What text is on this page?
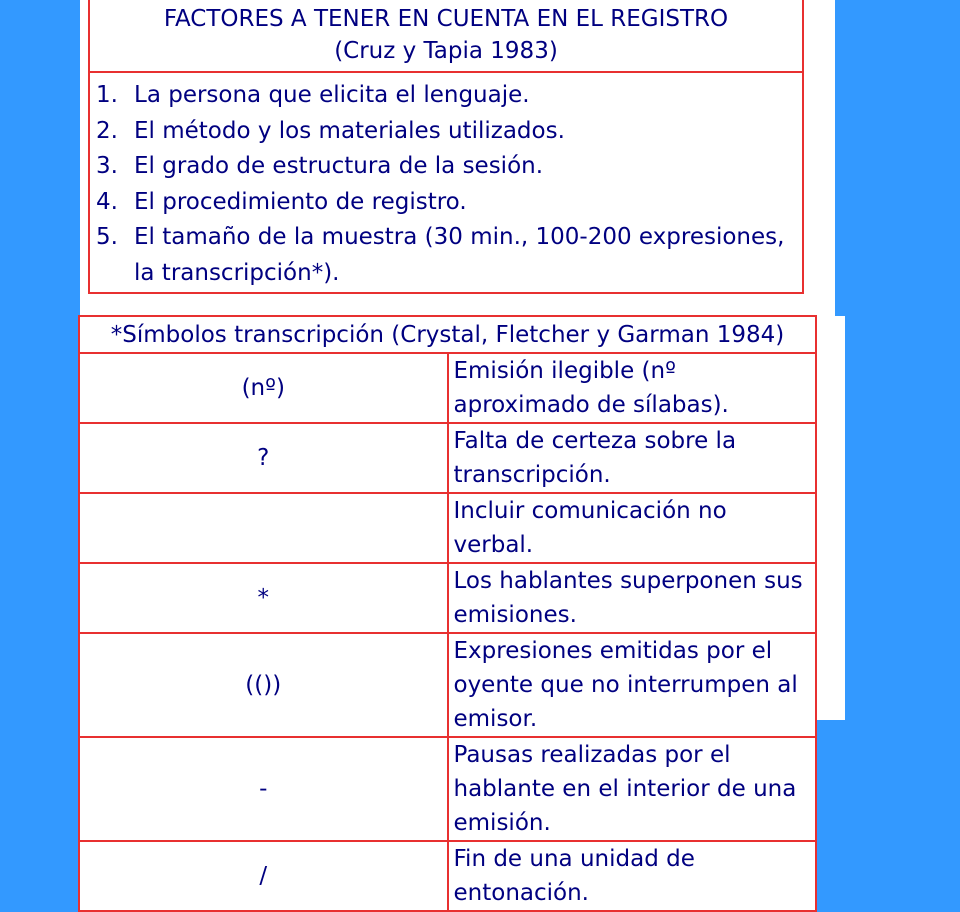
FACTORES A TENER EN CUENTA EN EL REGISTRO
(Cruz y Tapia 1983)
1. La persona que elicita el lenguaje.
2. El método y los materiales utilizados.
3. El grado de estructura de la sesión.
4. El procedimiento de registro.
5. El tamaño de la muestra (30 min., 100-200 expresiones, la transcripción*).
*Símbolos transcripción (Crystal, Fletcher y Garman 1984)	
(nº)	Emisión ilegible (nº aproximado de sílabas).
?	Falta de certeza sobre la transcripción.
	Incluir comunicación no verbal.
*	Los hablantes superponen sus emisiones.
(())	Expresiones emitidas por el oyente que no interrumpen al emisor.
-	Pausas realizadas por el hablante en el interior de una emisión.
/	Fin de una unidad de entonación.
